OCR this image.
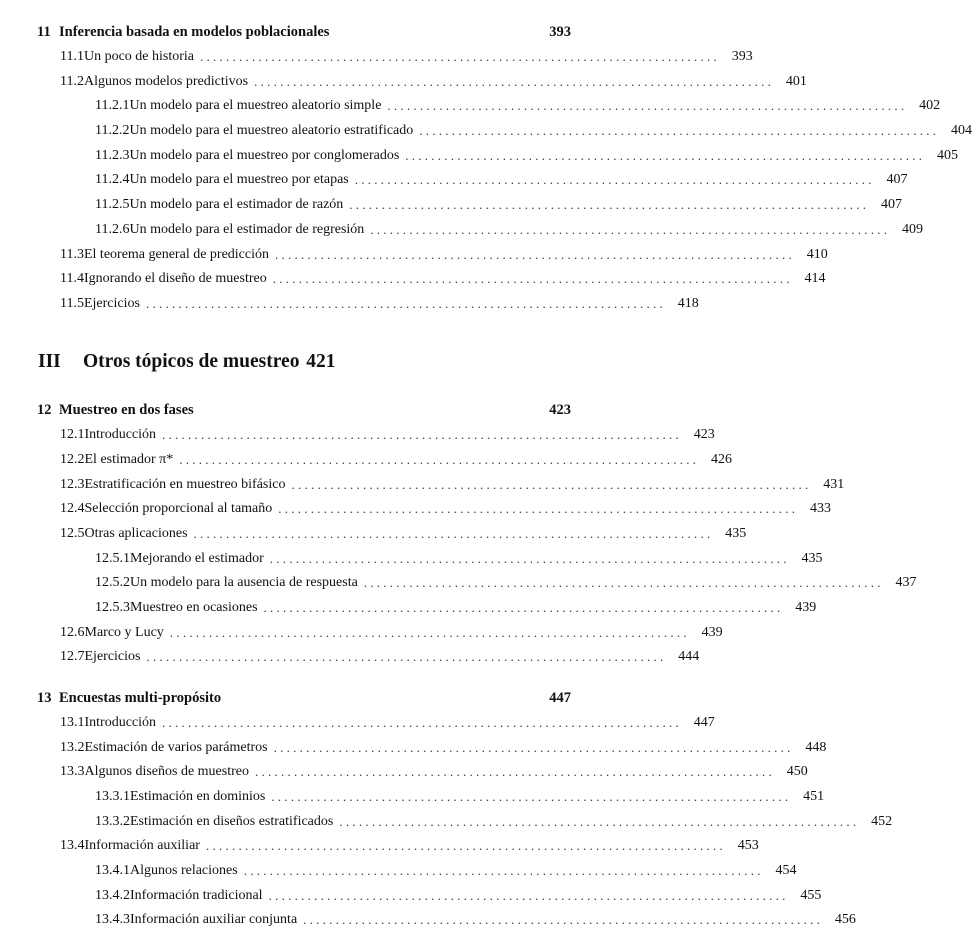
11 Inferencia basada en modelos poblacionales	393
11.1 Un poco de historia . . . . . . . . . . . . . . . . . . . . . . . . . . . . . . . . . . . . . . . . . . . . . . . . . . . . . . . . . . . . . . . . . . . . . . . . . . . . . . . .	393
11.2 Algunos modelos predictivos . . . . . . . . . . . . . . . . . . . . . . . . . . . . . . . . . . . . . . . . . . . . . . . . . . . . . . . . . . . . . . . . . . . . . . . . . . . . . . . .	401
11.2.1 Un modelo para el muestreo aleatorio simple . . . . . . . . . . . . . . . . . . . . . . . . . . . . . . . . . . . . . . . . . . . . . . . . . . . . . . . . . . . . . . . . . . . . . . . . . . . . . . . .	402
11.2.2 Un modelo para el muestreo aleatorio estratificado . . . . . . . . . . . . . . . . . . . . . . . . . . . . . . . . . . . . . . . . . . . . . . . . . . . . . . . . . . . . . . . . . . . . . . . . . . . . . . . .	404
11.2.3 Un modelo para el muestreo por conglomerados . . . . . . . . . . . . . . . . . . . . . . . . . . . . . . . . . . . . . . . . . . . . . . . . . . . . . . . . . . . . . . . . . . . . . . . . . . . . . . . .	405
11.2.4 Un modelo para el muestreo por etapas . . . . . . . . . . . . . . . . . . . . . . . . . . . . . . . . . . . . . . . . . . . . . . . . . . . . . . . . . . . . . . . . . . . . . . . . . . . . . . . .	407
11.2.5 Un modelo para el estimador de razón . . . . . . . . . . . . . . . . . . . . . . . . . . . . . . . . . . . . . . . . . . . . . . . . . . . . . . . . . . . . . . . . . . . . . . . . . . . . . . . .	407
11.2.6 Un modelo para el estimador de regresión . . . . . . . . . . . . . . . . . . . . . . . . . . . . . . . . . . . . . . . . . . . . . . . . . . . . . . . . . . . . . . . . . . . . . . . . . . . . . . . .	409
11.3 El teorema general de predicción . . . . . . . . . . . . . . . . . . . . . . . . . . . . . . . . . . . . . . . . . . . . . . . . . . . . . . . . . . . . . . . . . . . . . . . . . . . . . . . .	410
11.4 Ignorando el diseño de muestreo . . . . . . . . . . . . . . . . . . . . . . . . . . . . . . . . . . . . . . . . . . . . . . . . . . . . . . . . . . . . . . . . . . . . . . . . . . . . . . . .	414
11.5 Ejercicios . . . . . . . . . . . . . . . . . . . . . . . . . . . . . . . . . . . . . . . . . . . . . . . . . . . . . . . . . . . . . . . . . . . . . . . . . . . . . . . .	418
III	Otros tópicos de muestreo 421
12 Muestreo en dos fases	423
12.1 Introducción . . . . . . . . . . . . . . . . . . . . . . . . . . . . . . . . . . . . . . . . . . . . . . . . . . . . . . . . . . . . . . . . . . . . . . . . . . . . . . . .	423
12.2 El estimador π* . . . . . . . . . . . . . . . . . . . . . . . . . . . . . . . . . . . . . . . . . . . . . . . . . . . . . . . . . . . . . . . . . . . . . . . . . . . . . . . .	426
12.3 Estratificación en muestreo bifásico . . . . . . . . . . . . . . . . . . . . . . . . . . . . . . . . . . . . . . . . . . . . . . . . . . . . . . . . . . . . . . . . . . . . . . . . . . . . . . . .	431
12.4 Selección proporcional al tamaño . . . . . . . . . . . . . . . . . . . . . . . . . . . . . . . . . . . . . . . . . . . . . . . . . . . . . . . . . . . . . . . . . . . . . . . . . . . . . . . .	433
12.5 Otras aplicaciones . . . . . . . . . . . . . . . . . . . . . . . . . . . . . . . . . . . . . . . . . . . . . . . . . . . . . . . . . . . . . . . . . . . . . . . . . . . . . . . .	435
12.5.1 Mejorando el estimador . . . . . . . . . . . . . . . . . . . . . . . . . . . . . . . . . . . . . . . . . . . . . . . . . . . . . . . . . . . . . . . . . . . . . . . . . . . . . . . .	435
12.5.2 Un modelo para la ausencia de respuesta . . . . . . . . . . . . . . . . . . . . . . . . . . . . . . . . . . . . . . . . . . . . . . . . . . . . . . . . . . . . . . . . . . . . . . . . . . . . . . . .	437
12.5.3 Muestreo en ocasiones . . . . . . . . . . . . . . . . . . . . . . . . . . . . . . . . . . . . . . . . . . . . . . . . . . . . . . . . . . . . . . . . . . . . . . . . . . . . . . . .	439
12.6 Marco y Lucy . . . . . . . . . . . . . . . . . . . . . . . . . . . . . . . . . . . . . . . . . . . . . . . . . . . . . . . . . . . . . . . . . . . . . . . . . . . . . . . .	439
12.7 Ejercicios . . . . . . . . . . . . . . . . . . . . . . . . . . . . . . . . . . . . . . . . . . . . . . . . . . . . . . . . . . . . . . . . . . . . . . . . . . . . . . . .	444
13 Encuestas multi-propósito	447
13.1 Introducción . . . . . . . . . . . . . . . . . . . . . . . . . . . . . . . . . . . . . . . . . . . . . . . . . . . . . . . . . . . . . . . . . . . . . . . . . . . . . . . .	447
13.2 Estimación de varios parámetros . . . . . . . . . . . . . . . . . . . . . . . . . . . . . . . . . . . . . . . . . . . . . . . . . . . . . . . . . . . . . . . . . . . . . . . . . . . . . . . .	448
13.3 Algunos diseños de muestreo . . . . . . . . . . . . . . . . . . . . . . . . . . . . . . . . . . . . . . . . . . . . . . . . . . . . . . . . . . . . . . . . . . . . . . . . . . . . . . . .	450
13.3.1 Estimación en dominios . . . . . . . . . . . . . . . . . . . . . . . . . . . . . . . . . . . . . . . . . . . . . . . . . . . . . . . . . . . . . . . . . . . . . . . . . . . . . . . .	451
13.3.2 Estimación en diseños estratificados . . . . . . . . . . . . . . . . . . . . . . . . . . . . . . . . . . . . . . . . . . . . . . . . . . . . . . . . . . . . . . . . . . . . . . . . . . . . . . . .	452
13.4 Información auxiliar . . . . . . . . . . . . . . . . . . . . . . . . . . . . . . . . . . . . . . . . . . . . . . . . . . . . . . . . . . . . . . . . . . . . . . . . . . . . . . . .	453
13.4.1 Algunos relaciones . . . . . . . . . . . . . . . . . . . . . . . . . . . . . . . . . . . . . . . . . . . . . . . . . . . . . . . . . . . . . . . . . . . . . . . . . . . . . . . .	454
13.4.2 Información tradicional . . . . . . . . . . . . . . . . . . . . . . . . . . . . . . . . . . . . . . . . . . . . . . . . . . . . . . . . . . . . . . . . . . . . . . . . . . . . . . . .	455
13.4.3 Información auxiliar conjunta . . . . . . . . . . . . . . . . . . . . . . . . . . . . . . . . . . . . . . . . . . . . . . . . . . . . . . . . . . . . . . . . . . . . . . . . . . . . . . . .	456
